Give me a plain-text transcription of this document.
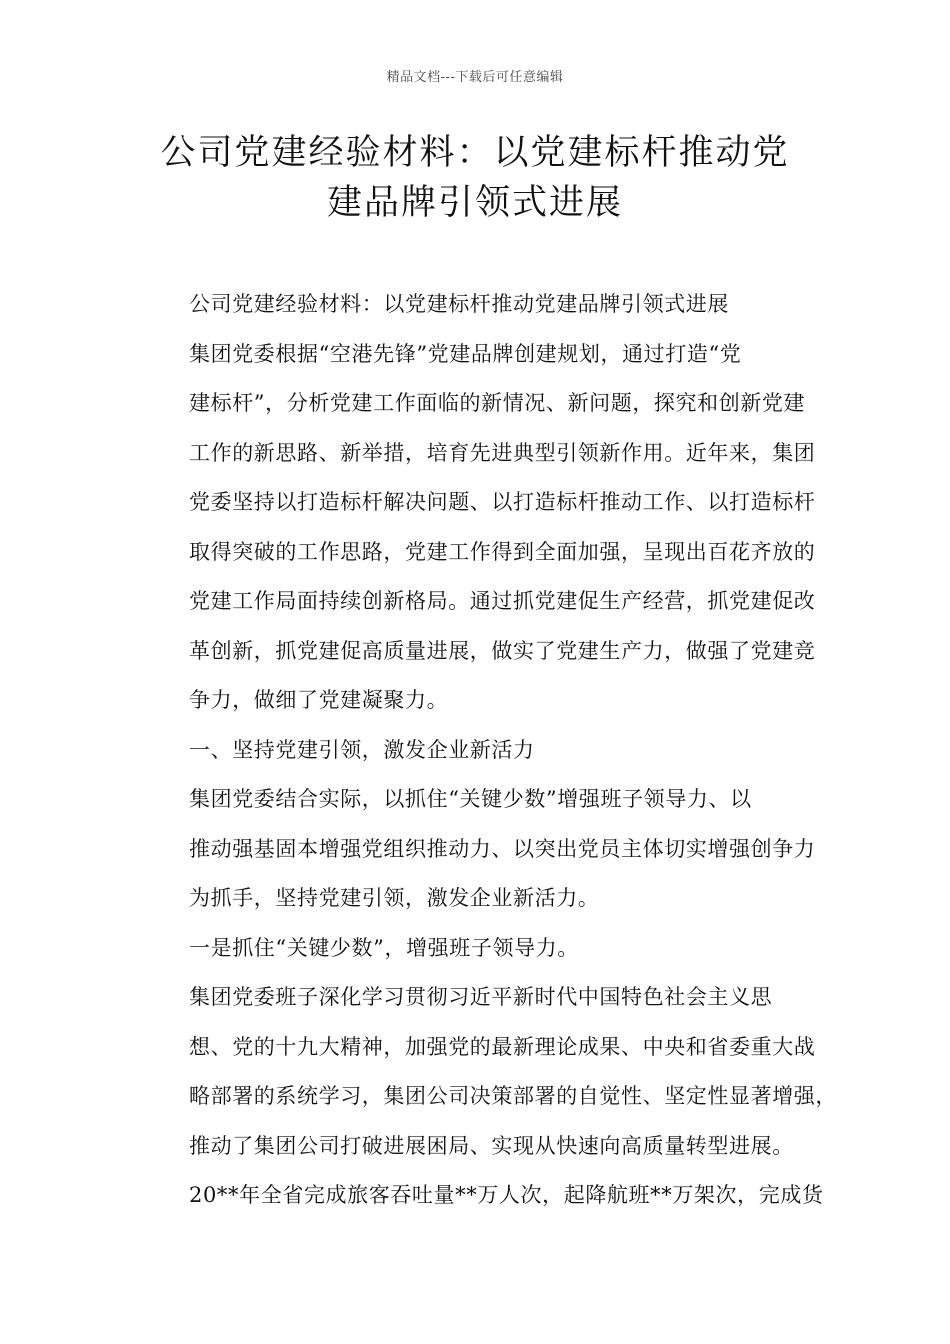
精品文档---下载后可任意编辑
公司党建经验材料：以党建标杆推动党
建品牌引领式进展

公司党建经验材料：以党建标杆推动党建品牌引领式进展

集团党委根据“空港先锋”党建品牌创建规划，通过打造“党
建标杆”，分析党建工作面临的新情况、新问题，探究和创新党建
工作的新思路、新举措，培育先进典型引领新作用。近年来，集团
党委坚持以打造标杆解决问题、以打造标杆推动工作、以打造标杆
取得突破的工作思路，党建工作得到全面加强，呈现出百花齐放的
党建工作局面持续创新格局。通过抓党建促生产经营，抓党建促改
革创新，抓党建促高质量进展，做实了党建生产力，做强了党建竞
争力，做细了党建凝聚力。

一、坚持党建引领，激发企业新活力

集团党委结合实际，以抓住“关键少数”增强班子领导力、以
推动强基固本增强党组织推动力、以突出党员主体切实增强创争力
为抓手，坚持党建引领，激发企业新活力。

一是抓住“关键少数”，增强班子领导力。

集团党委班子深化学习贯彻习近平新时代中国特色社会主义思
想、党的十九大精神，加强党的最新理论成果、中央和省委重大战
略部署的系统学习，集团公司决策部署的自觉性、坚定性显著增强，
推动了集团公司打破进展困局、实现从快速向高质量转型进展。
20**年全省完成旅客吞吐量**万人次，起降航班**万架次，完成货
